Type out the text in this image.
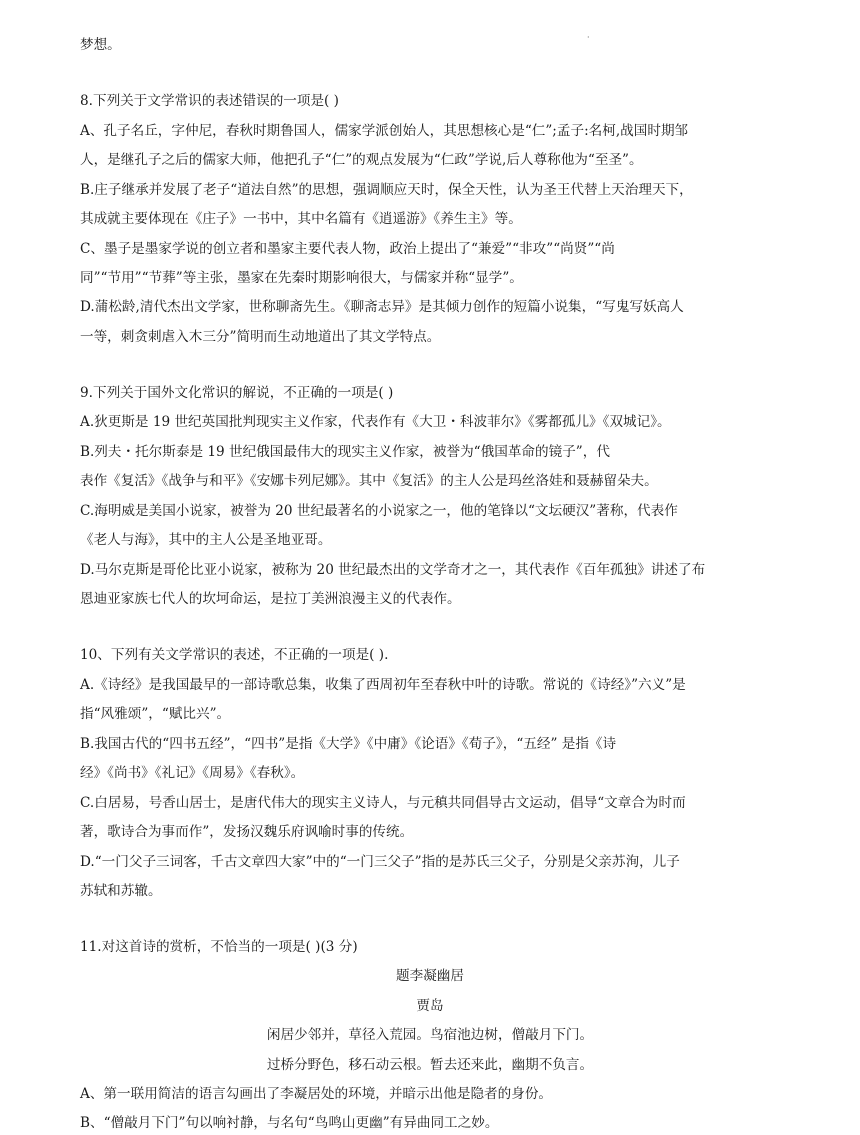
·
梦想。
8.下列关于文学常识的表述错误的一项是( )
A、孔子名丘，字仲尼，春秋时期鲁国人，儒家学派创始人，其思想核心是“仁”;孟子:名柯,战国时期邹
人，是继孔子之后的儒家大师，他把孔子“仁”的观点发展为“仁政”学说,后人尊称他为“至圣”。
B.庄子继承并发展了老子“道法自然”的思想，强调顺应天时，保全天性，认为圣王代替上天治理天下，
其成就主要体现在《庄子》一书中，其中名篇有《逍遥游》《养生主》等。
C、墨子是墨家学说的创立者和墨家主要代表人物，政治上提出了“兼爱”“非攻”“尚贤”“尚
同”“节用”“节葬”等主张，墨家在先秦时期影响很大，与儒家并称“显学”。
D.蒲松龄,清代杰出文学家，世称聊斋先生。《聊斋志异》是其倾力创作的短篇小说集，“写鬼写妖高人
一等，刺贪刺虐入木三分”简明而生动地道出了其文学特点。
9.下列关于国外文化常识的解说，不正确的一项是( )
A.狄更斯是 19 世纪英国批判现实主义作家，代表作有《大卫・科波菲尔》《雾都孤儿》《双城记》。
B.列夫・托尔斯泰是 19 世纪俄国最伟大的现实主义作家，被誉为“俄国革命的镜子”，代
表作《复活》《战争与和平》《安娜卡列尼娜》。其中《复活》的主人公是玛丝洛娃和聂赫留朵夫。
C.海明威是美国小说家，被誉为 20 世纪最著名的小说家之一，他的笔锋以“文坛硬汉”著称，代表作
《老人与海》，其中的主人公是圣地亚哥。
D.马尔克斯是哥伦比亚小说家，被称为 20 世纪最杰出的文学奇才之一，其代表作《百年孤独》讲述了布
恩迪亚家族七代人的坎坷命运，是拉丁美洲浪漫主义的代表作。
10、下列有关文学常识的表述，不正确的一项是( ).
A.《诗经》是我国最早的一部诗歌总集，收集了西周初年至春秋中叶的诗歌。常说的《诗经》”六义”是
指“风雅颂”，“赋比兴”。
B.我国古代的“四书五经”，“四书”是指《大学》《中庸》《论语》《荀子》，“五经” 是指《诗
经》《尚书》《礼记》《周易》《春秋》。
C.白居易，号香山居士，是唐代伟大的现实主义诗人，与元稹共同倡导古文运动，倡导“文章合为时而
著，歌诗合为事而作”，发扬汉魏乐府讽喻时事的传统。
D.“一门父子三词客，千古文章四大家”中的“一门三父子”指的是苏氏三父子，分别是父亲苏洵，儿子
苏轼和苏辙。
11.对这首诗的赏析，不恰当的一项是( )(3 分)
题李凝幽居
贾岛
闲居少邻并，草径入荒园。鸟宿池边树，僧敲月下门。
过桥分野色，移石动云根。暂去还来此，幽期不负言。
A、第一联用简洁的语言勾画出了李凝居处的环境，并暗示出他是隐者的身份。
B、“僧敲月下门”句以响衬静，与名句“鸟鸣山更幽”有异曲同工之妙。
